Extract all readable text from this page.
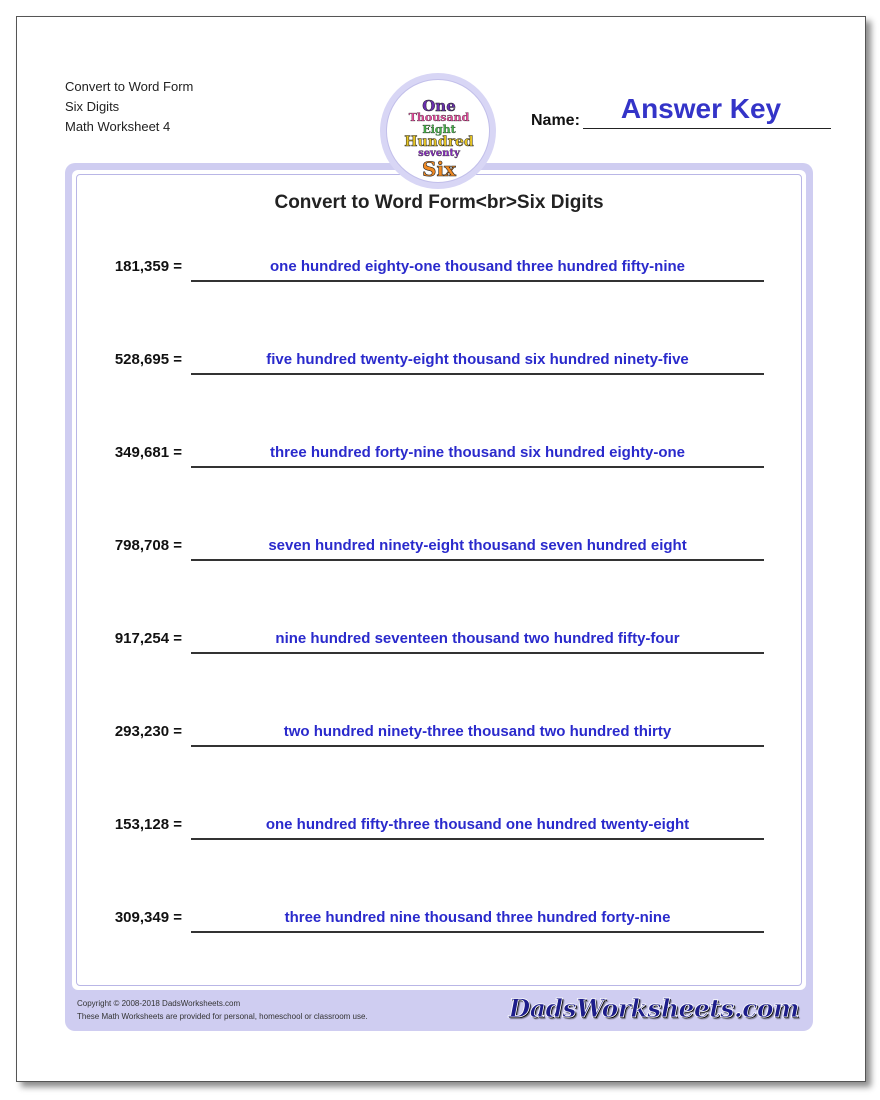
Convert to Word Form
Six Digits
Math Worksheet 4
One
Thousand
Eight
Hundred
seventy
Six
Name:	Answer Key
Convert to Word Form<br>Six Digits
181,359 =	one hundred eighty-one thousand three hundred fifty-nine
528,695 =	five hundred twenty-eight thousand six hundred ninety-five
349,681 =	three hundred forty-nine thousand six hundred eighty-one
798,708 =	seven hundred ninety-eight thousand seven hundred eight
917,254 =	nine hundred seventeen thousand two hundred fifty-four
293,230 =	two hundred ninety-three thousand two hundred thirty
153,128 =	one hundred fifty-three thousand one hundred twenty-eight
309,349 =	three hundred nine thousand three hundred forty-nine
Copyright © 2008-2018 DadsWorksheets.com
These Math Worksheets are provided for personal, homeschool or classroom use.	DadsWorksheets.com
